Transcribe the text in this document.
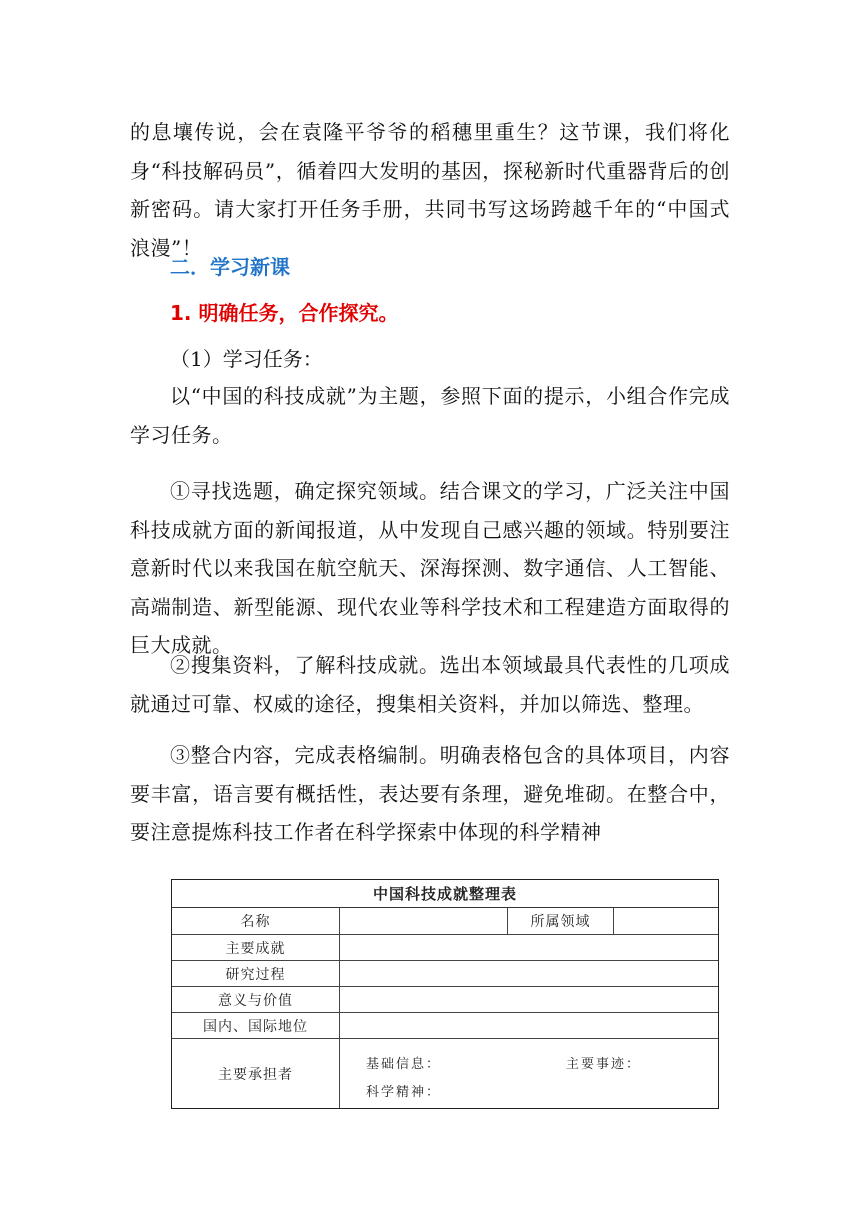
的息壤传说，会在袁隆平爷爷的稻穗里重生？这节课，我们将化身“科技解码员”，循着四大发明的基因，探秘新时代重器背后的创新密码。请大家打开任务手册，共同书写这场跨越千年的“中国式浪漫”！

二．学习新课

1. 明确任务，合作探究。

（1）学习任务：

以“中国的科技成就”为主题，参照下面的提示，小组合作完成学习任务。

①寻找选题，确定探究领域。结合课文的学习，广泛关注中国科技成就方面的新闻报道，从中发现自己感兴趣的领域。特别要注意新时代以来我国在航空航天、深海探测、数字通信、人工智能、高端制造、新型能源、现代农业等科学技术和工程建造方面取得的巨大成就。

②搜集资料，了解科技成就。选出本领域最具代表性的几项成就通过可靠、权威的途径，搜集相关资料，并加以筛选、整理。

③整合内容，完成表格编制。明确表格包含的具体项目，内容要丰富，语言要有概括性，表达要有条理，避免堆砌。在整合中，要注意提炼科技工作者在科学探索中体现的科学精神

中国科技成就整理表
名称	所属领域
主要成就
研究过程
意义与价值
国内、国际地位
主要承担者
基础信息：	主要事迹：
科学精神：
